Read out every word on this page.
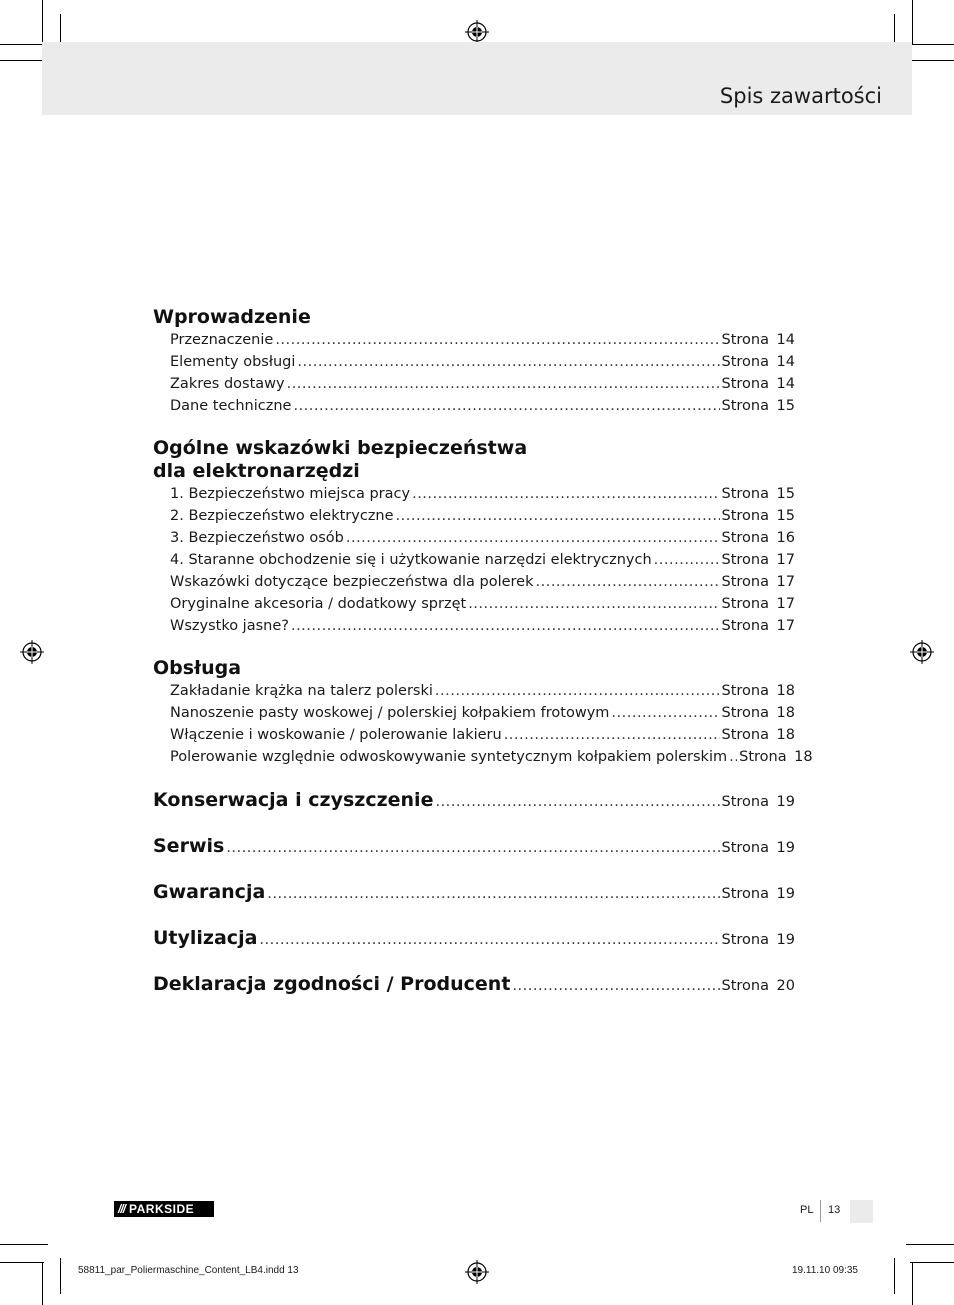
Spis zawartości
Wprowadzenie
Przeznaczenie .....	Strona 14
Elementy obsługi .....	Strona 14
Zakres dostawy .....	Strona 14
Dane techniczne .....	Strona 15
Ogólne wskazówki bezpieczeństwa
dla elektronarzędzi
1. Bezpieczeństwo miejsca pracy .....	Strona 15
2. Bezpieczeństwo elektryczne .....	Strona 15
3. Bezpieczeństwo osób .....	Strona 16
4. Staranne obchodzenie się i użytkowanie narzędzi elektrycznych .....	Strona 17
Wskazówki dotyczące bezpieczeństwa dla polerek .....	Strona 17
Oryginalne akcesoria / dodatkowy sprzęt .....	Strona 17
Wszystko jasne? .....	Strona 17
Obsługa
Zakładanie krążka na talerz polerski .....	Strona 18
Nanoszenie pasty woskowej / polerskiej kołpakiem frotowym .....	Strona 18
Włączenie i woskowanie / polerowanie lakieru .....	Strona 18
Polerowanie względnie odwoskowywanie syntetycznym kołpakiem polerskim ..... Strona 18
Konserwacja i czyszczenie .....	Strona 19
Serwis .....	Strona 19
Gwarancja .....	Strona 19
Utylizacja .....	Strona 19
Deklaracja zgodności / Producent .....	Strona 20
/// PARKSIDE	PL 13
58811_par_Poliermaschine_Content_LB4.indd 13	19.11.10 09:35
